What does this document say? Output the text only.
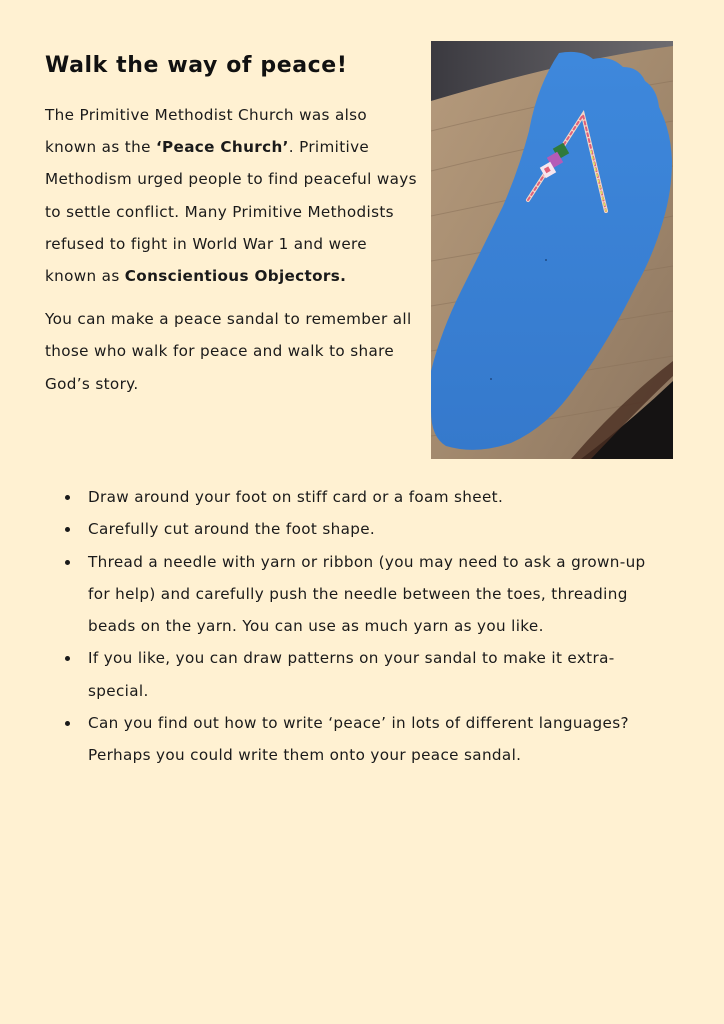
Walk the way of peace!

The Primitive Methodist Church was also known as the ‘Peace Church’. Primitive Methodism urged people to find peaceful ways to settle conflict. Many Primitive Methodists refused to fight in World War 1 and were known as Conscientious Objectors.

You can make a peace sandal to remember all those who walk for peace and walk to share God’s story.

Draw around your foot on stiff card or a foam sheet.
Carefully cut around the foot shape.
Thread a needle with yarn or ribbon (you may need to ask a grown-up for help) and carefully push the needle between the toes, threading beads on the yarn. You can use as much yarn as you like.
If you like, you can draw patterns on your sandal to make it extra-special.
Can you find out how to write ‘peace’ in lots of different languages? Perhaps you could write them onto your peace sandal.
